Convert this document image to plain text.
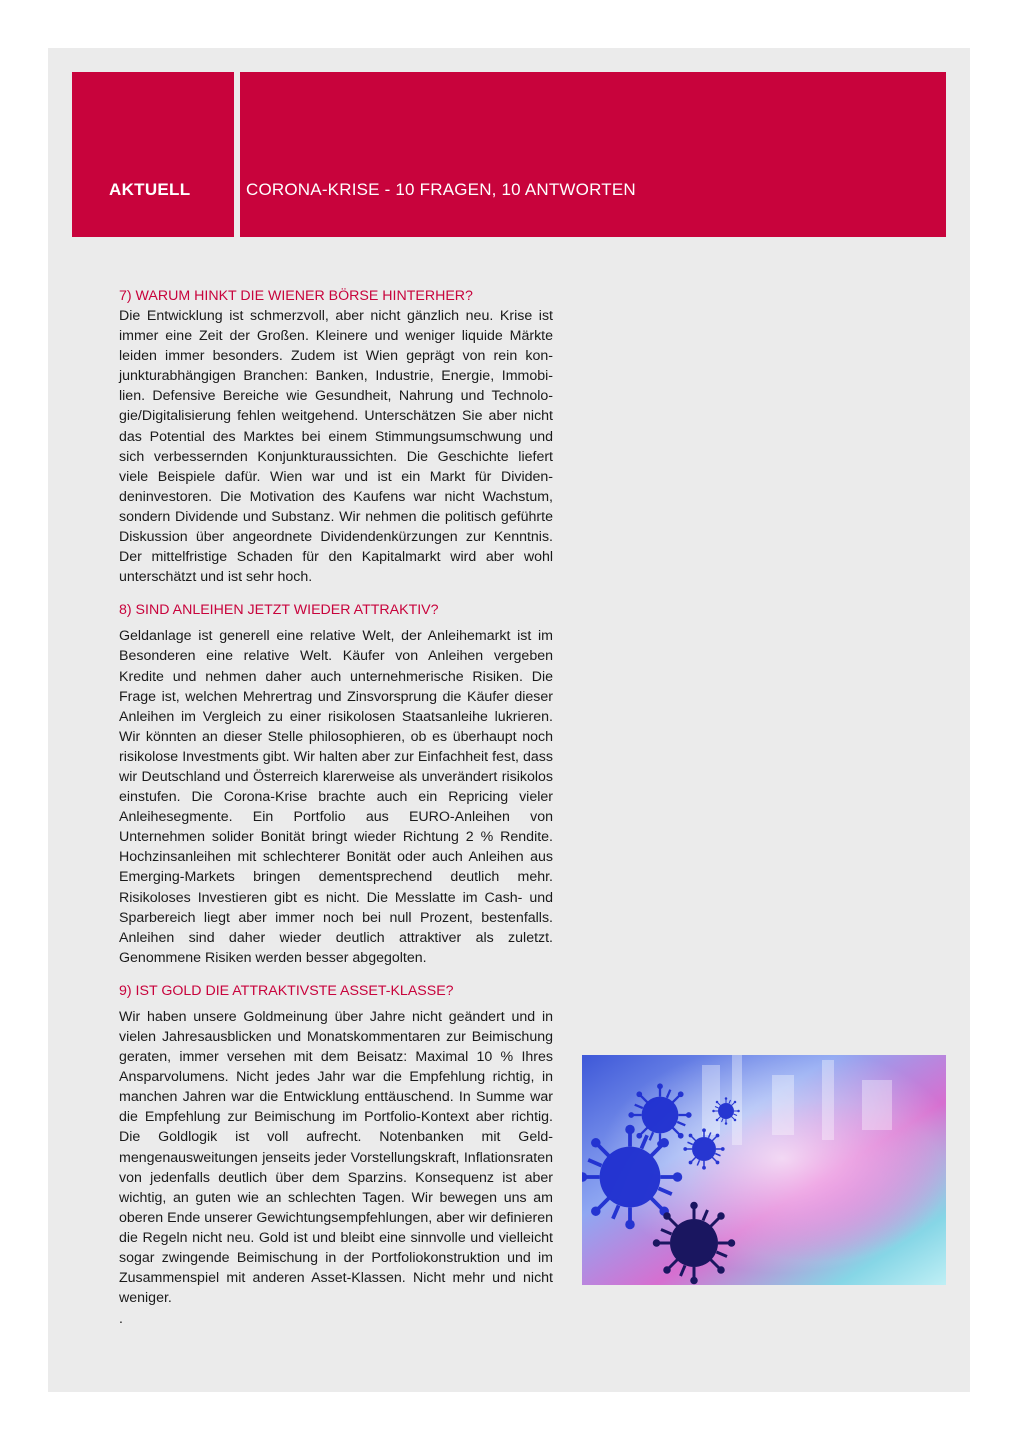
AKTUELL	CORONA-KRISE - 10 FRAGEN, 10 ANTWORTEN
7) WARUM HINKT DIE WIENER BÖRSE HINTERHER?

Die Entwicklung ist schmerzvoll, aber nicht gänzlich neu. Krise ist immer eine Zeit der Großen. Kleinere und weniger liquide Märkte leiden immer besonders. Zudem ist Wien geprägt von rein konjunkturabhängigen Branchen: Banken, Industrie, Energie, Immobilien. Defensive Bereiche wie Gesundheit, Nahrung und Technologie/Digitalisierung fehlen weitgehend. Unterschätzen Sie aber nicht das Potential des Marktes bei einem Stimmungsumschwung und sich verbessernden Konjunkturaussichten. Die Geschichte liefert viele Beispiele dafür. Wien war und ist ein Markt für Dividendeninvestoren. Die Motivation des Kaufens war nicht Wachstum, sondern Dividende und Substanz. Wir nehmen die politisch geführte Diskussion über angeordnete Dividendenkürzungen zur Kenntnis. Der mittelfristige Schaden für den Kapitalmarkt wird aber wohl unterschätzt und ist sehr hoch.

8) SIND ANLEIHEN JETZT WIEDER ATTRAKTIV?

Geldanlage ist generell eine relative Welt, der Anleihemarkt ist im Besonderen eine relative Welt. Käufer von Anleihen vergeben Kredite und nehmen daher auch unternehmerische Risiken. Die Frage ist, welchen Mehrertrag und Zinsvorsprung die Käufer dieser Anleihen im Vergleich zu einer risikolosen Staatsanleihe lukrieren. Wir könnten an dieser Stelle philosophieren, ob es überhaupt noch risikolose Investments gibt. Wir halten aber zur Einfachheit fest, dass wir Deutschland und Österreich klarerweise als unverändert risikolos einstufen. Die Corona-Krise brachte auch ein Repricing vieler Anleihesegmente. Ein Portfolio aus EURO-Anleihen von Unternehmen solider Bonität bringt wieder Richtung 2 % Rendite. Hochzinsanleihen mit schlechterer Bonität oder auch Anleihen aus Emerging-Markets bringen dementsprechend deutlich mehr. Risikoloses Investieren gibt es nicht. Die Messlatte im Cash- und Sparbereich liegt aber immer noch bei null Prozent, bestenfalls. Anleihen sind daher wieder deutlich attraktiver als zuletzt. Genommene Risiken werden besser abgegolten.

9) IST GOLD DIE ATTRAKTIVSTE ASSET-KLASSE?

Wir haben unsere Goldmeinung über Jahre nicht geändert und in vielen Jahresausblicken und Monatskommentaren zur Beimischung geraten, immer versehen mit dem Beisatz: Maximal 10 % Ihres Ansparvolumens. Nicht jedes Jahr war die Empfehlung richtig, in manchen Jahren war die Entwicklung enttäuschend. In Summe war die Empfehlung zur Beimischung im Portfolio-Kontext aber richtig. Die Goldlogik ist voll aufrecht. Notenbanken mit Geldmengenausweitungen jenseits jeder Vorstellungskraft, Inflationsraten von jedenfalls deutlich über dem Sparzins. Konsequenz ist aber wichtig, an guten wie an schlechten Tagen. Wir bewegen uns am oberen Ende unserer Gewichtungsempfehlungen, aber wir definieren die Regeln nicht neu. Gold ist und bleibt eine sinnvolle und vielleicht sogar zwingende Beimischung in der Portfoliokonstruktion und im Zusammenspiel mit anderen Asset-Klassen. Nicht mehr und nicht weniger.

.
